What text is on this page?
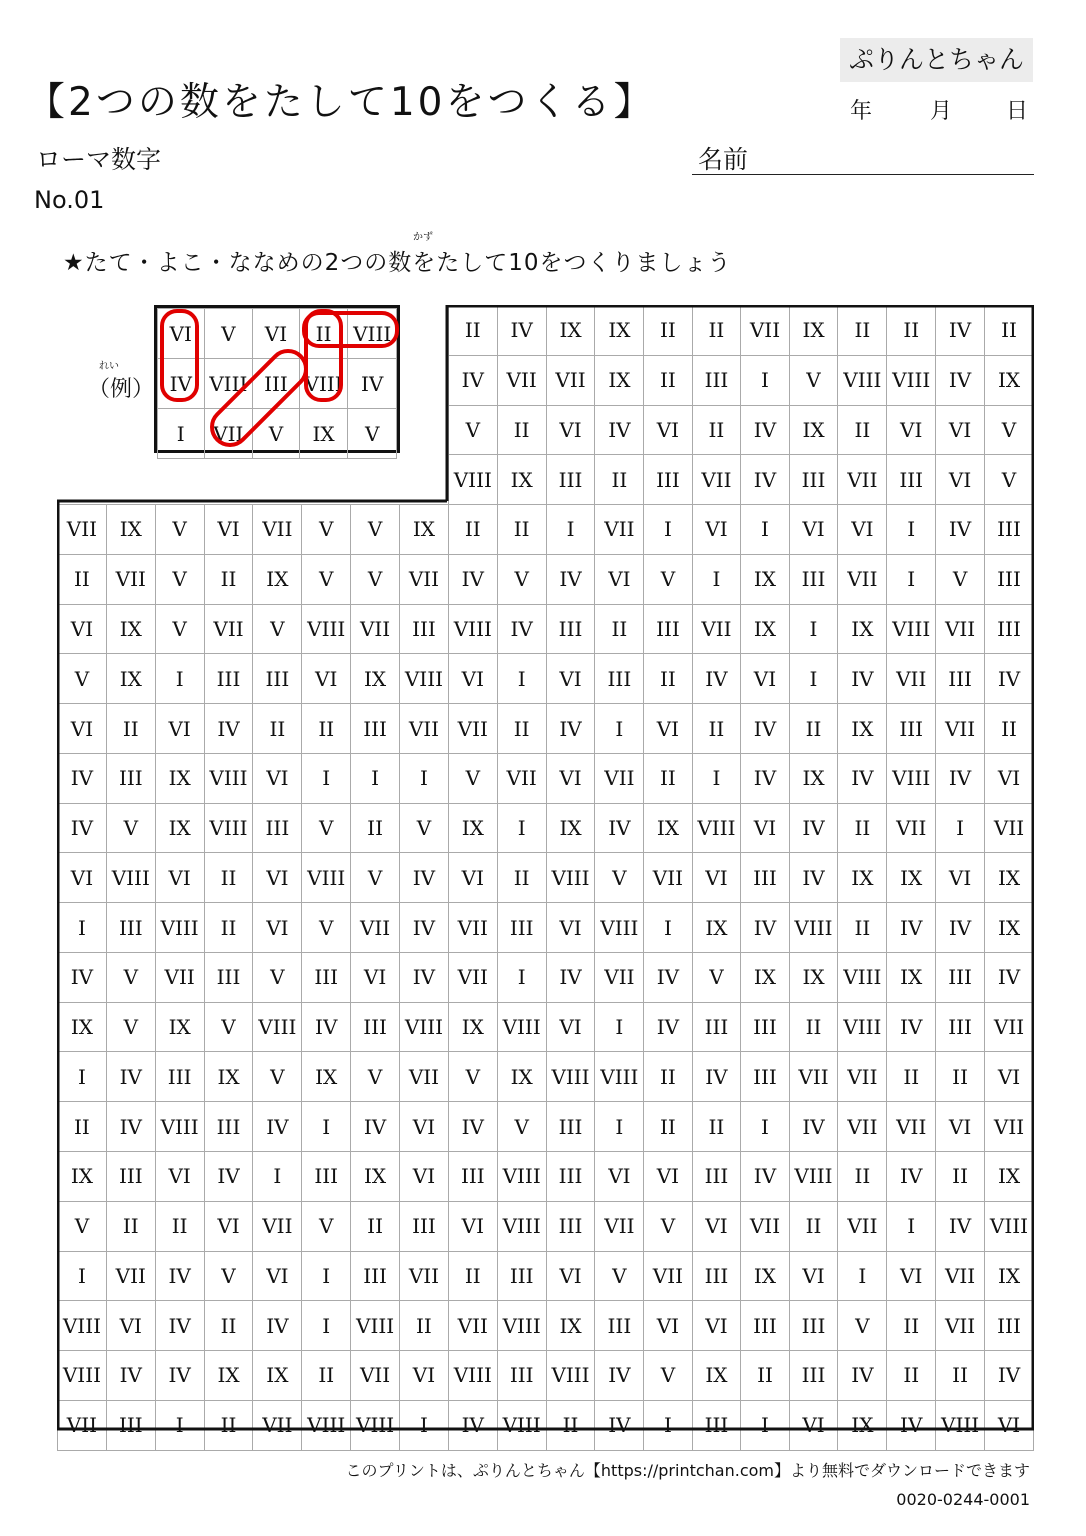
ぷりんとちゃん
【2つの数をたして10をつくる】	年	月 日
ローマ数字	名前
No.01
かず
★たて・よこ・ななめの2つの数をたして10をつくりましょう
れい
（例）
VI	V	VI	II	VIII
IV	VIII	III	VIII	IV
I	VII	V	IX	V
								II	IV	IX	IX	II	II	VII	IX	II	II	IV	II
								IV	VII	VII	IX	II	III	I	V	VIII	VIII	IV	IX
								V	II	VI	IV	VI	II	IV	IX	II	VI	VI	V
								VIII	IX	III	II	III	VII	IV	III	VII	III	VI	V
VII	IX	V	VI	VII	V	V	IX	II	II	I	VII	I	VI	I	VI	VI	I	IV	III
II	VII	V	II	IX	V	V	VII	IV	V	IV	VI	V	I	IX	III	VII	I	V	III
VI	IX	V	VII	V	VIII	VII	III	VIII	IV	III	II	III	VII	IX	I	IX	VIII	VII	III
V	IX	I	III	III	VI	IX	VIII	VI	I	VI	III	II	IV	VI	I	IV	VII	III	IV
VI	II	VI	IV	II	II	III	VII	VII	II	IV	I	VI	II	IV	II	IX	III	VII	II
IV	III	IX	VIII	VI	I	I	I	V	VII	VI	VII	II	I	IV	IX	IV	VIII	IV	VI
IV	V	IX	VIII	III	V	II	V	IX	I	IX	IV	IX	VIII	VI	IV	II	VII	I	VII
VI	VIII	VI	II	VI	VIII	V	IV	VI	II	VIII	V	VII	VI	III	IV	IX	IX	VI	IX
I	III	VIII	II	VI	V	VII	IV	VII	III	VI	VIII	I	IX	IV	VIII	II	IV	IV	IX
IV	V	VII	III	V	III	VI	IV	VII	I	IV	VII	IV	V	IX	IX	VIII	IX	III	IV
IX	V	IX	V	VIII	IV	III	VIII	IX	VIII	VI	I	IV	III	III	II	VIII	IV	III	VII
I	IV	III	IX	V	IX	V	VII	V	IX	VIII	VIII	II	IV	III	VII	VII	II	II	VI
II	IV	VIII	III	IV	I	IV	VI	IV	V	III	I	II	II	I	IV	VII	VII	VI	VII
IX	III	VI	IV	I	III	IX	VI	III	VIII	III	VI	VI	III	IV	VIII	II	IV	II	IX
V	II	II	VI	VII	V	II	III	VI	VIII	III	VII	V	VI	VII	II	VII	I	IV	VIII
I	VII	IV	V	VI	I	III	VII	II	III	VI	V	VII	III	IX	VI	I	VI	VII	IX
VIII	VI	IV	II	IV	I	VIII	II	VII	VIII	IX	III	VI	VI	III	III	V	II	VII	III
VIII	IV	IV	IX	IX	II	VII	VI	VIII	III	VIII	IV	V	IX	II	III	IV	II	II	IV
VII	III	I	II	VII	VIII	VIII	I	IV	VIII	II	IV	I	III	I	VI	IX	IV	VIII	VI
このプリントは、ぷりんとちゃん【https://printchan.com】より無料でダウンロードできます
0020-0244-0001
